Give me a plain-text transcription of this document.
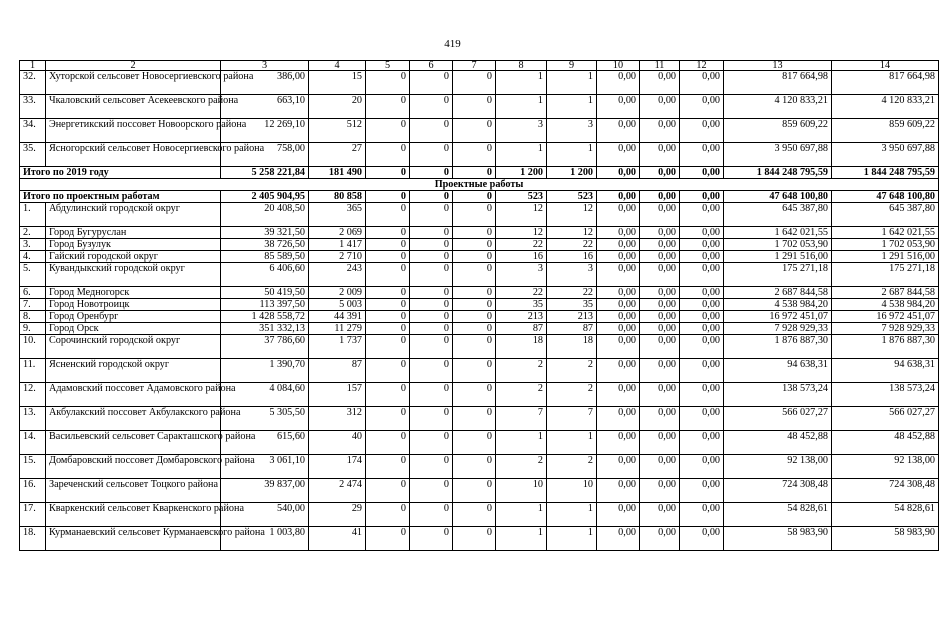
419
1	2	3	4	5	6	7	8	9	10	11	12	13	14
32.	Хуторской сельсовет Новосергиевского района	386,00	15	0	0	0	1	1	0,00	0,00	0,00	817 664,98	817 664,98
33.	Чкаловский сельсовет Асекеевского района	663,10	20	0	0	0	1	1	0,00	0,00	0,00	4 120 833,21	4 120 833,21
34.	Энергетикский поссовет Новоорского района	12 269,10	512	0	0	0	3	3	0,00	0,00	0,00	859 609,22	859 609,22
35.	Ясногорский сельсовет Новосергиевского района	758,00	27	0	0	0	1	1	0,00	0,00	0,00	3 950 697,88	3 950 697,88
Итого по 2019 году		5 258 221,84	181 490	0	0	0	1 200	1 200	0,00	0,00	0,00	1 844 248 795,59	1 844 248 795,59
Проектные работы													
Итого по проектным работам		2 405 904,95	80 858	0	0	0	523	523	0,00	0,00	0,00	47 648 100,80	47 648 100,80
1.	Абдулинский городской округ	20 408,50	365	0	0	0	12	12	0,00	0,00	0,00	645 387,80	645 387,80
2.	Город Бугуруслан	39 321,50	2 069	0	0	0	12	12	0,00	0,00	0,00	1 642 021,55	1 642 021,55
3.	Город Бузулук	38 726,50	1 417	0	0	0	22	22	0,00	0,00	0,00	1 702 053,90	1 702 053,90
4.	Гайский городской округ	85 589,50	2 710	0	0	0	16	16	0,00	0,00	0,00	1 291 516,00	1 291 516,00
5.	Кувандыкский городской округ	6 406,60	243	0	0	0	3	3	0,00	0,00	0,00	175 271,18	175 271,18
6.	Город Медногорск	50 419,50	2 009	0	0	0	22	22	0,00	0,00	0,00	2 687 844,58	2 687 844,58
7.	Город Новотроицк	113 397,50	5 003	0	0	0	35	35	0,00	0,00	0,00	4 538 984,20	4 538 984,20
8.	Город Оренбург	1 428 558,72	44 391	0	0	0	213	213	0,00	0,00	0,00	16 972 451,07	16 972 451,07
9.	Город Орск	351 332,13	11 279	0	0	0	87	87	0,00	0,00	0,00	7 928 929,33	7 928 929,33
10.	Сорочинский городской округ	37 786,60	1 737	0	0	0	18	18	0,00	0,00	0,00	1 876 887,30	1 876 887,30
11.	Ясненский городской округ	1 390,70	87	0	0	0	2	2	0,00	0,00	0,00	94 638,31	94 638,31
12.	Адамовский поссовет Адамовского района	4 084,60	157	0	0	0	2	2	0,00	0,00	0,00	138 573,24	138 573,24
13.	Акбулакский поссовет Акбулакского района	5 305,50	312	0	0	0	7	7	0,00	0,00	0,00	566 027,27	566 027,27
14.	Васильевский сельсовет Саракташского района	615,60	40	0	0	0	1	1	0,00	0,00	0,00	48 452,88	48 452,88
15.	Домбаровский поссовет Домбаровского района	3 061,10	174	0	0	0	2	2	0,00	0,00	0,00	92 138,00	92 138,00
16.	Зареченский сельсовет Тоцкого района	39 837,00	2 474	0	0	0	10	10	0,00	0,00	0,00	724 308,48	724 308,48
17.	Кваркенский сельсовет Кваркенского района	540,00	29	0	0	0	1	1	0,00	0,00	0,00	54 828,61	54 828,61
18.	Курманаевский сельсовет Курманаевского района	1 003,80	41	0	0	0	1	1	0,00	0,00	0,00	58 983,90	58 983,90
